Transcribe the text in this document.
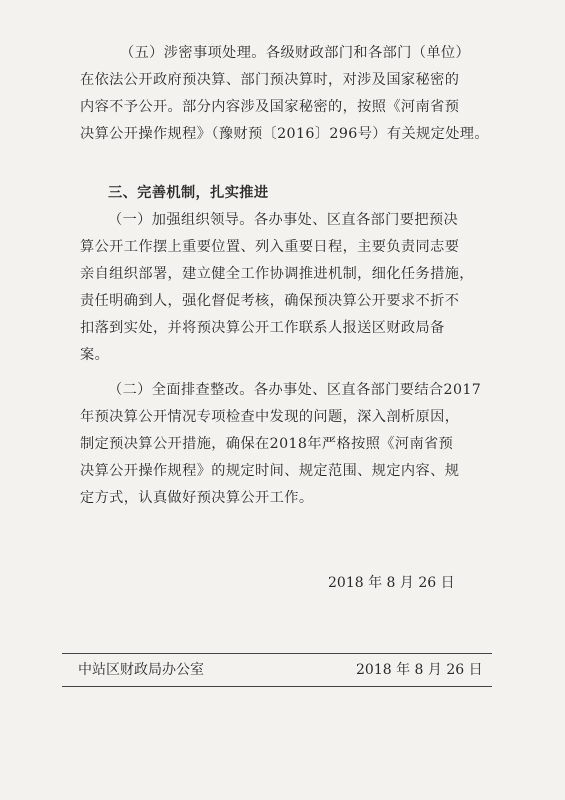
（五）涉密事项处理。各级财政部门和各部门（单位）
在依法公开政府预决算、部门预决算时，对涉及国家秘密的
内容不予公开。部分内容涉及国家秘密的，按照《河南省预
决算公开操作规程》（豫财预〔2016〕296号）有关规定处理。
三、完善机制，扎实推进
（一）加强组织领导。各办事处、区直各部门要把预决
算公开工作摆上重要位置、列入重要日程，主要负责同志要
亲自组织部署，建立健全工作协调推进机制，细化任务措施，
责任明确到人，强化督促考核，确保预决算公开要求不折不
扣落到实处，并将预决算公开工作联系人报送区财政局备
案。
（二）全面排查整改。各办事处、区直各部门要结合2017
年预决算公开情况专项检查中发现的问题，深入剖析原因，
制定预决算公开措施，确保在2018年严格按照《河南省预
决算公开操作规程》的规定时间、规定范围、规定内容、规
定方式，认真做好预决算公开工作。
2018 年 8 月 26 日
中站区财政局办公室	2018 年 8 月 26 日
